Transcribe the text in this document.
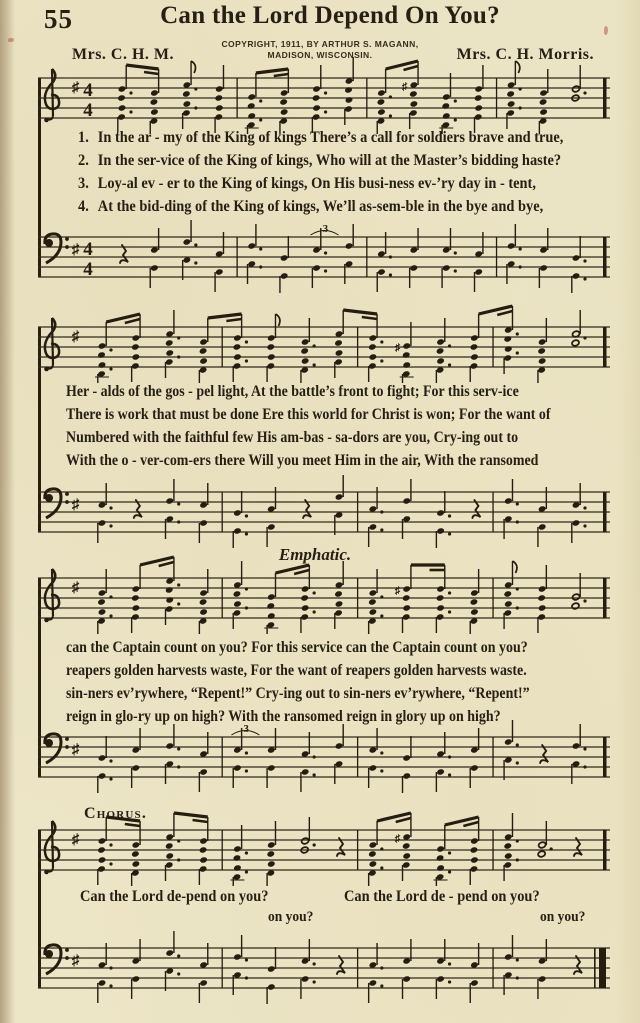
55	Can the Lord Depend On You?
COPYRIGHT, 1911, BY ARTHUR S. MAGANN,
MADISON, WISCONSIN.
Mrs. C. H. M.	Mrs. C. H. Morris.
♯ 4
4
♯
♯ 4
4
3
♯
♯
♯
♯	♯
♯
3
♯	♯
♯
1. In the ar - my of the King of kings There’s a call for soldiers brave and true,
2. In the ser-vice of the King of kings, Who will at the Master’s bidding haste?
3. Loy-al ev - er to the King of kings, On His busi-ness ev-’ry day in - tent,
4. At the bid-ding of the King of kings, We’ll as-sem-ble in the bye and bye,
Her - alds of the gos - pel light, At the battle’s front to fight; For this serv-ice
There is work that must be done Ere this world for Christ is won; For the want of
Numbered with the faithful few His am-bas - sa-dors are you, Cry-ing out to
With the o - ver-com-ers there Will you meet Him in the air, With the ransomed
Emphatic.
can the Captain count on you? For this service can the Captain count on you?
reapers golden harvests waste, For the want of reapers golden harvests waste.
sin-ners ev’rywhere, “Repent!” Cry-ing out to sin-ners ev’rywhere, “Repent!”
reign in glo-ry up on high? With the ransomed reign in glory up on high?
Chorus.
Can the Lord de-pend on you?
on you?
Can the Lord de - pend on you?
on you?
